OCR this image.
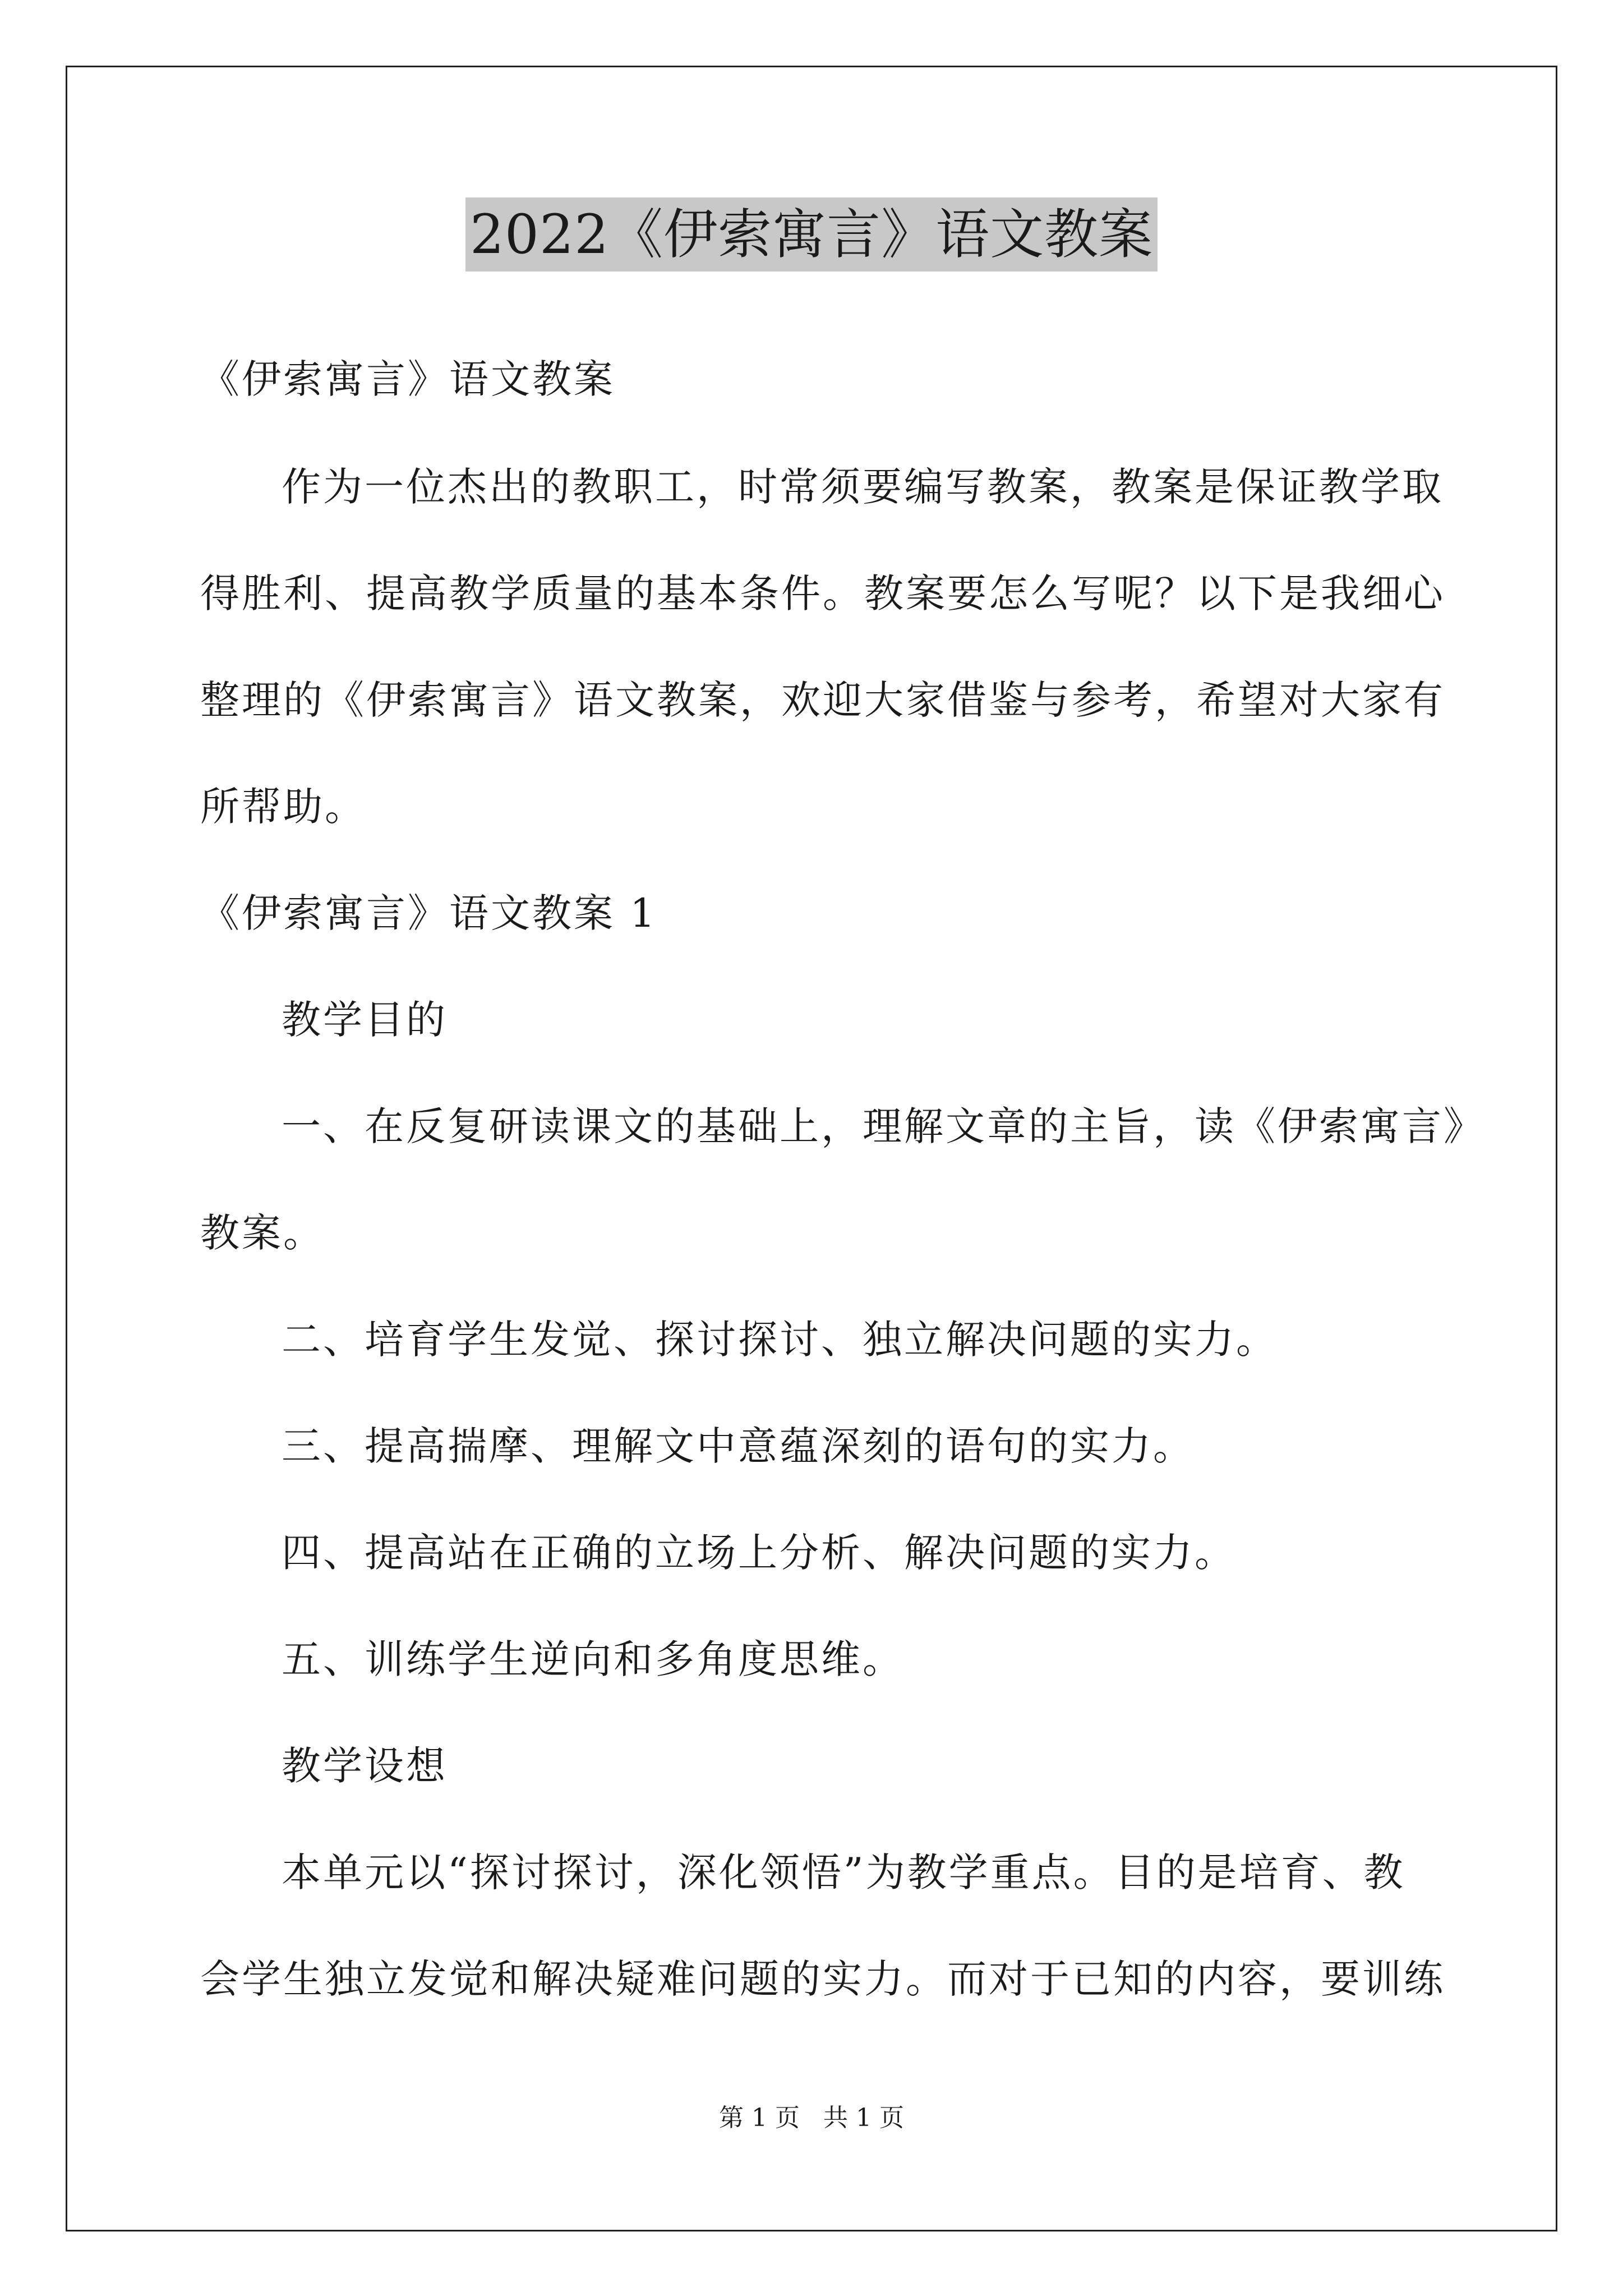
2022《伊索寓言》语文教案
《伊索寓言》语文教案
作为一位杰出的教职工，时常须要编写教案，教案是保证教学取
得胜利、提高教学质量的基本条件。教案要怎么写呢？以下是我细心
整理的《伊索寓言》语文教案，欢迎大家借鉴与参考，希望对大家有
所帮助。
《伊索寓言》语文教案 1
教学目的
一、在反复研读课文的基础上，理解文章的主旨，读《伊索寓言》
教案。
二、培育学生发觉、探讨探讨、独立解决问题的实力。
三、提高揣摩、理解文中意蕴深刻的语句的实力。
四、提高站在正确的立场上分析、解决问题的实力。
五、训练学生逆向和多角度思维。
教学设想
本单元以“探讨探讨，深化领悟”为教学重点。目的是培育、教
会学生独立发觉和解决疑难问题的实力。而对于已知的内容，要训练
第 1 页 共 1 页
